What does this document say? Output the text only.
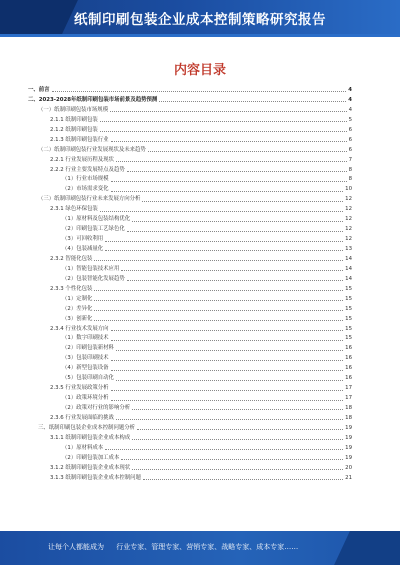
纸制印刷包装企业成本控制策略研究报告
内容目录
一、前言	4
二、2023-2028年纸制印刷包装市场前景及趋势预测	4
（一）纸制印刷包装市场规模	4
2.1.1 纸制印刷包装	5
2.1.2 纸制印刷包装	6
2.1.3 纸制印刷包装行业	6
（二）纸制印刷包装行业发展现状及未来趋势	6
2.2.1 行业发展历程及现状	7
2.2.2 行业主要发展特点及趋势	8
（1）行业市场规模	8
（2）市场需求变化	10
（三）纸制印刷包装行业未来发展方向分析	12
2.3.1 绿色环保包装	12
（1）原材料及包装结构优化	12
（2）印刷包装工艺绿色化	12
（3）可回收利用	12
（4）包装减量化	13
2.3.2 智能化包装	14
（1）智能包装技术应用	14
（2）包装智能化发展趋势	14
2.3.3 个性化包装	15
（1）定制化	15
（2）差异化	15
（3）创新化	15
2.3.4 行业技术发展方向	15
（1）数字印刷技术	15
（2）印刷包装新材料	16
（3）包装印刷技术	16
（4）新型包装设备	16
（5）包装印刷自动化	16
2.3.5 行业发展政策分析	17
（1）政策环境分析	17
（2）政策对行业的影响分析	18
2.3.6 行业发展面临的挑战	18
三、纸制印刷包装企业成本控制问题分析	19
3.1.1 纸制印刷包装企业成本构成	19
（1）原材料成本	19
（2）印刷包装加工成本	19
3.1.2 纸制印刷包装企业成本现状	20
3.1.3 纸制印刷包装企业成本控制问题	21
让每个人都能成为 行业专家、管理专家、营销专家、战略专家、成本专家……
